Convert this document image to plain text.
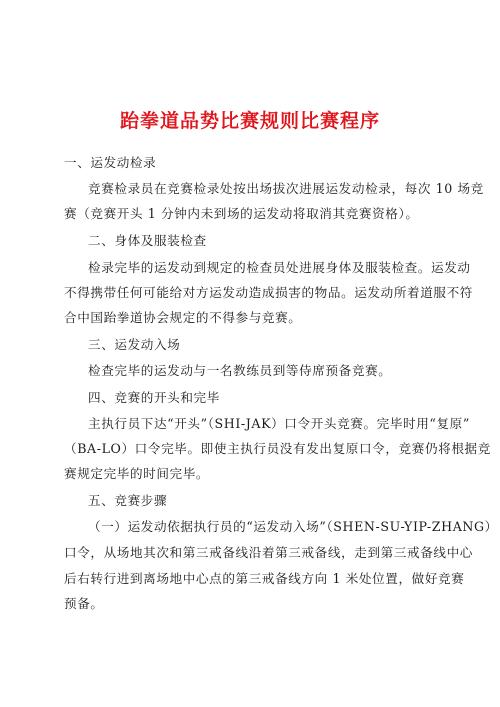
跆拳道品势比赛规则比赛程序
一、运发动检录
竞赛检录员在竞赛检录处按出场拔次进展运发动检录，每次 10 场竞
赛（竞赛开头 1 分钟内未到场的运发动将取消其竞赛资格）。
二、身体及服装检查
检录完毕的运发动到规定的检查员处进展身体及服装检查。运发动
不得携带任何可能给对方运发动造成损害的物品。运发动所着道服不符
合中国跆拳道协会规定的不得参与竞赛。
三、运发动入场
检查完毕的运发动与一名教练员到等侍席预备竞赛。
四、竞赛的开头和完毕
主执行员下达“开头”（SHI-JAK）口令开头竞赛。完毕时用“复原”
（BA-LO）口令完毕。即使主执行员没有发出复原口令，竞赛仍将根据竞
赛规定完毕的时间完毕。
五、竞赛步骤
（一）运发动依据执行员的“运发动入场”（SHEN-SU-YIP-ZHANG）
口令，从场地其次和第三戒备线沿着第三戒备线，走到第三戒备线中心
后右转行进到离场地中心点的第三戒备线方向 1 米处位置，做好竞赛
预备。
